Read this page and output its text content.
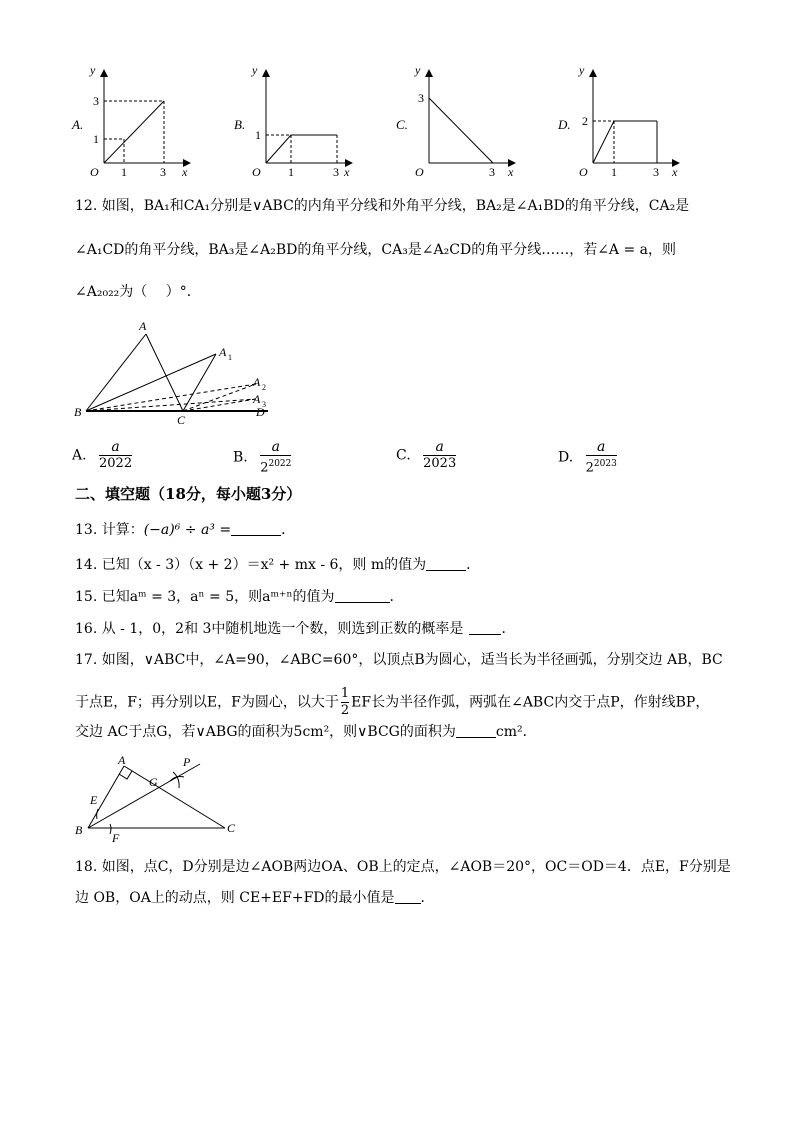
A.
y
x
O
3
1
1	3
B.
y
x
O
1
1	3
C.
y
x
O
3
3
D.
y
x
O
2
1	3
12. 如图，BA₁和CA₁分别是∨ABC的内角平分线和外角平分线，BA₂是∠A₁BD的角平分线，CA₂是
∠A₁CD的角平分线，BA₃是∠A₂BD的角平分线，CA₃是∠A₂CD的角平分线……，若∠A = a，则
∠A₂₀₂₂为（　 ）°．
A
A 1
A 2
A 3
B
C
D
A. $\frac{a}{2022}$	B. $\frac{a}{2^{2022}}$	C. $\frac{a}{2023}$	D. $\frac{a}{2^{2023}}$
二、填空题（18分，每小题3分）
13. 计算：(−a)⁶ ÷ a³ =	．
14. 已知（x - 3）（x + 2）＝x² + mx - 6，则 m的值为	．
15. 已知aᵐ = 3，aⁿ = 5，则aᵐ⁺ⁿ的值为	．
16. 从 - 1，0，2和 3中随机地选一个数，则选到正数的概率是	．
17. 如图，∨ABC中，∠A=90，∠ABC=60°，以顶点B为圆心，适当长为半径画弧，分别交边 AB，BC
于点E，F；再分别以E，F为圆心，以大于 $\frac{1}{2}$ EF长为半径作弧，两弧在∠ABC内交于点P，作射线BP，
交边 AC于点G，若∨ABG的面积为5cm²，则∨BCG的面积为	cm²．
A
B	C
E
F
G
P
18. 如图，点C，D分别是边∠AOB两边OA、OB上的定点，∠AOB＝20°，OC＝OD＝4．点E，F分别是
边 OB，OA上的动点，则 CE+EF+FD的最小值是 ．
